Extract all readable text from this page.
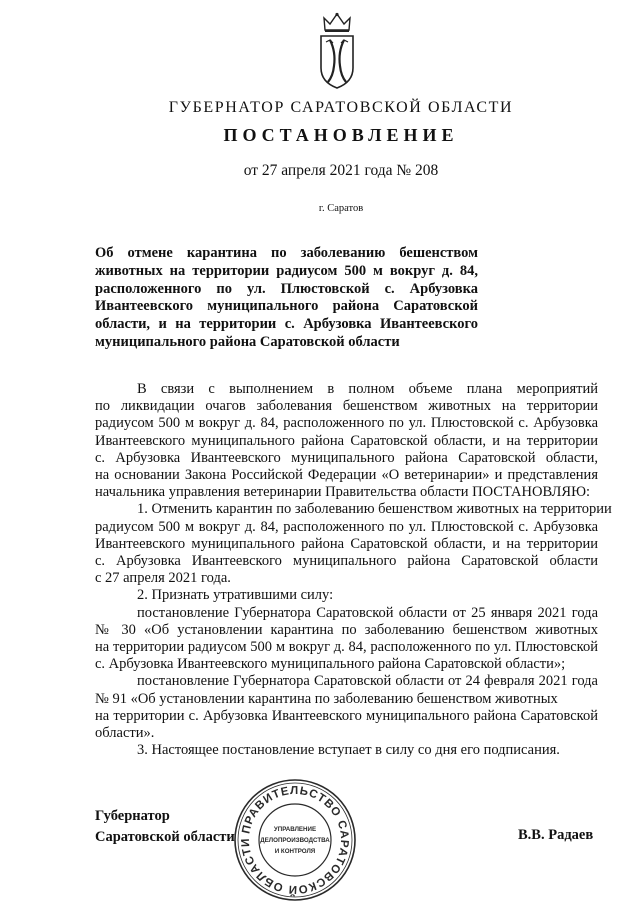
ГУБЕРНАТОР САРАТОВСКОЙ ОБЛАСТИ
ПОСТАНОВЛЕНИЕ
от 27 апреля 2021 года № 208
г. Саратов
Об отмене карантина по заболеванию бешенством
животных на территории радиусом 500 м вокруг д. 84,
расположенного по ул. Плюстовской с. Арбузовка
Ивантеевского муниципального района Саратовской
области, и на территории с. Арбузовка Ивантеевского
муниципального района Саратовской области
В связи с выполнением в полном объеме плана мероприятий
по ликвидации очагов заболевания бешенством животных на территории
радиусом 500 м вокруг д. 84, расположенного по ул. Плюстовской с. Арбузовка
Ивантеевского муниципального района Саратовской области, и на территории
с. Арбузовка Ивантеевского муниципального района Саратовской области,
на основании Закона Российской Федерации «О ветеринарии» и представления
начальника управления ветеринарии Правительства области ПОСТАНОВЛЯЮ:
1. Отменить карантин по заболеванию бешенством животных на территории
радиусом 500 м вокруг д. 84, расположенного по ул. Плюстовской с. Арбузовка
Ивантеевского муниципального района Саратовской области, и на территории
с. Арбузовка Ивантеевского муниципального района Саратовской области
с 27 апреля 2021 года.
2. Признать утратившими силу:
постановление Губернатора Саратовской области от 25 января 2021 года
№ 30 «Об установлении карантина по заболеванию бешенством животных
на территории радиусом 500 м вокруг д. 84, расположенного по ул. Плюстовской
с. Арбузовка Ивантеевского муниципального района Саратовской области»;
постановление Губернатора Саратовской области от 24 февраля 2021 года
№ 91 «Об установлении карантина по заболеванию бешенством животных
на территории с. Арбузовка Ивантеевского муниципального района Саратовской
области».
3. Настоящее постановление вступает в силу со дня его подписания.
Губернатор
Саратовской области	В.В. Радаев
ПРАВИТЕЛЬСТВО САРАТОВСКОЙ ОБЛАСТИ
УПРАВЛЕНИЕ
ДЕЛОПРОИЗВОДСТВА
И КОНТРОЛЯ
